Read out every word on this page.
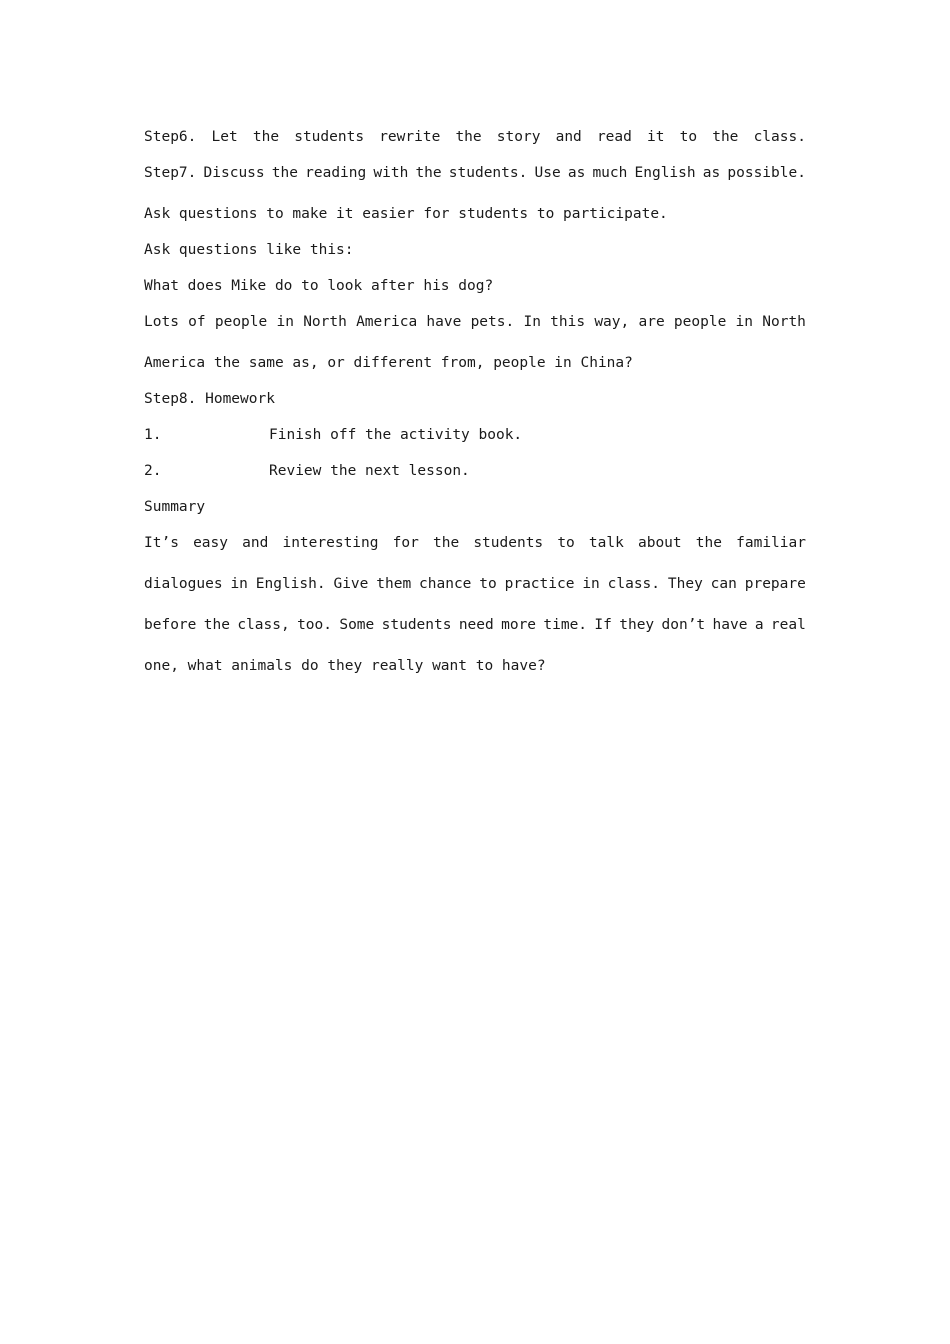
Step6. Let the students rewrite the story and read it to the class.
Step7. Discuss the reading with the students. Use as much English as possible.
Ask questions to make it easier for students to participate.
Ask questions like this:
What does Mike do to look after his dog?
Lots of people in North America have pets. In this way, are people in North
America the same as, or different from, people in China?
Step8. Homework
1.	Finish off the activity book.
2.	Review the next lesson.
Summary
It’s easy and interesting for the students to talk about the familiar
dialogues in English. Give them chance to practice in class. They can prepare
before the class, too. Some students need more time. If they don’t have a real
one, what animals do they really want to have?
